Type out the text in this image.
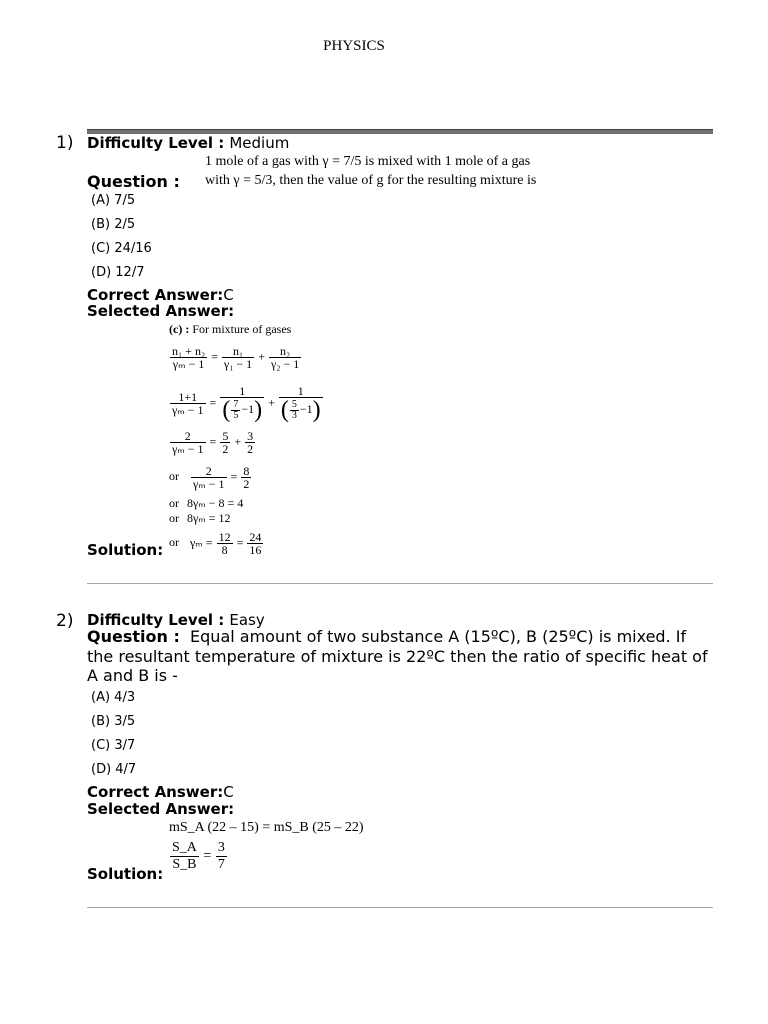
PHYSICS
1) Difficulty Level : Medium
1 mole of a gas with γ = 7/5 is mixed with 1 mole of a gas
with γ = 5/3, then the value of g for the resulting mixture is
Question :
(A) 7/5
(B) 2/5
(C) 24/16
(D) 12/7
Correct Answer:C
Selected Answer:
(c) : For mixture of gases
$\frac{\text{n₁ + n₂}}{\text{γₘ − 1}} = \frac{\text{n₁}}{\text{γ₁ − 1}} + \frac{\text{n₂}}{\text{γ₂ − 1}}$
$\frac{1+1}{\text{γₘ − 1}} = \frac{1}{( \frac{7}{5} -1)} + \frac{1}{( \frac{5}{3} -1)}$
$\frac{2}{\text{γₘ − 1}} = \frac{5}{2} + \frac{3}{2}$
or $\frac{2}{\text{γₘ − 1}} = \frac{8}{2}$
or 8γₘ − 8 = 4
or 8γₘ = 12
Solution: or $\gamma_m = \frac{12}{8} = \frac{24}{16}$
2) Difficulty Level : Easy
Question : Equal amount of two substance A (15ºC), B (25ºC) is mixed. If the resultant temperature of mixture is 22ºC then the ratio of specific heat of A and B is -
(A) 4/3
(B) 3/5
(C) 3/7
(D) 4/7
Correct Answer:C
Selected Answer:
mS_A (22 – 15) = mS_B (25 – 22)
$\frac{S\_A}{S\_B} = \frac{3}{7}$
Solution:
